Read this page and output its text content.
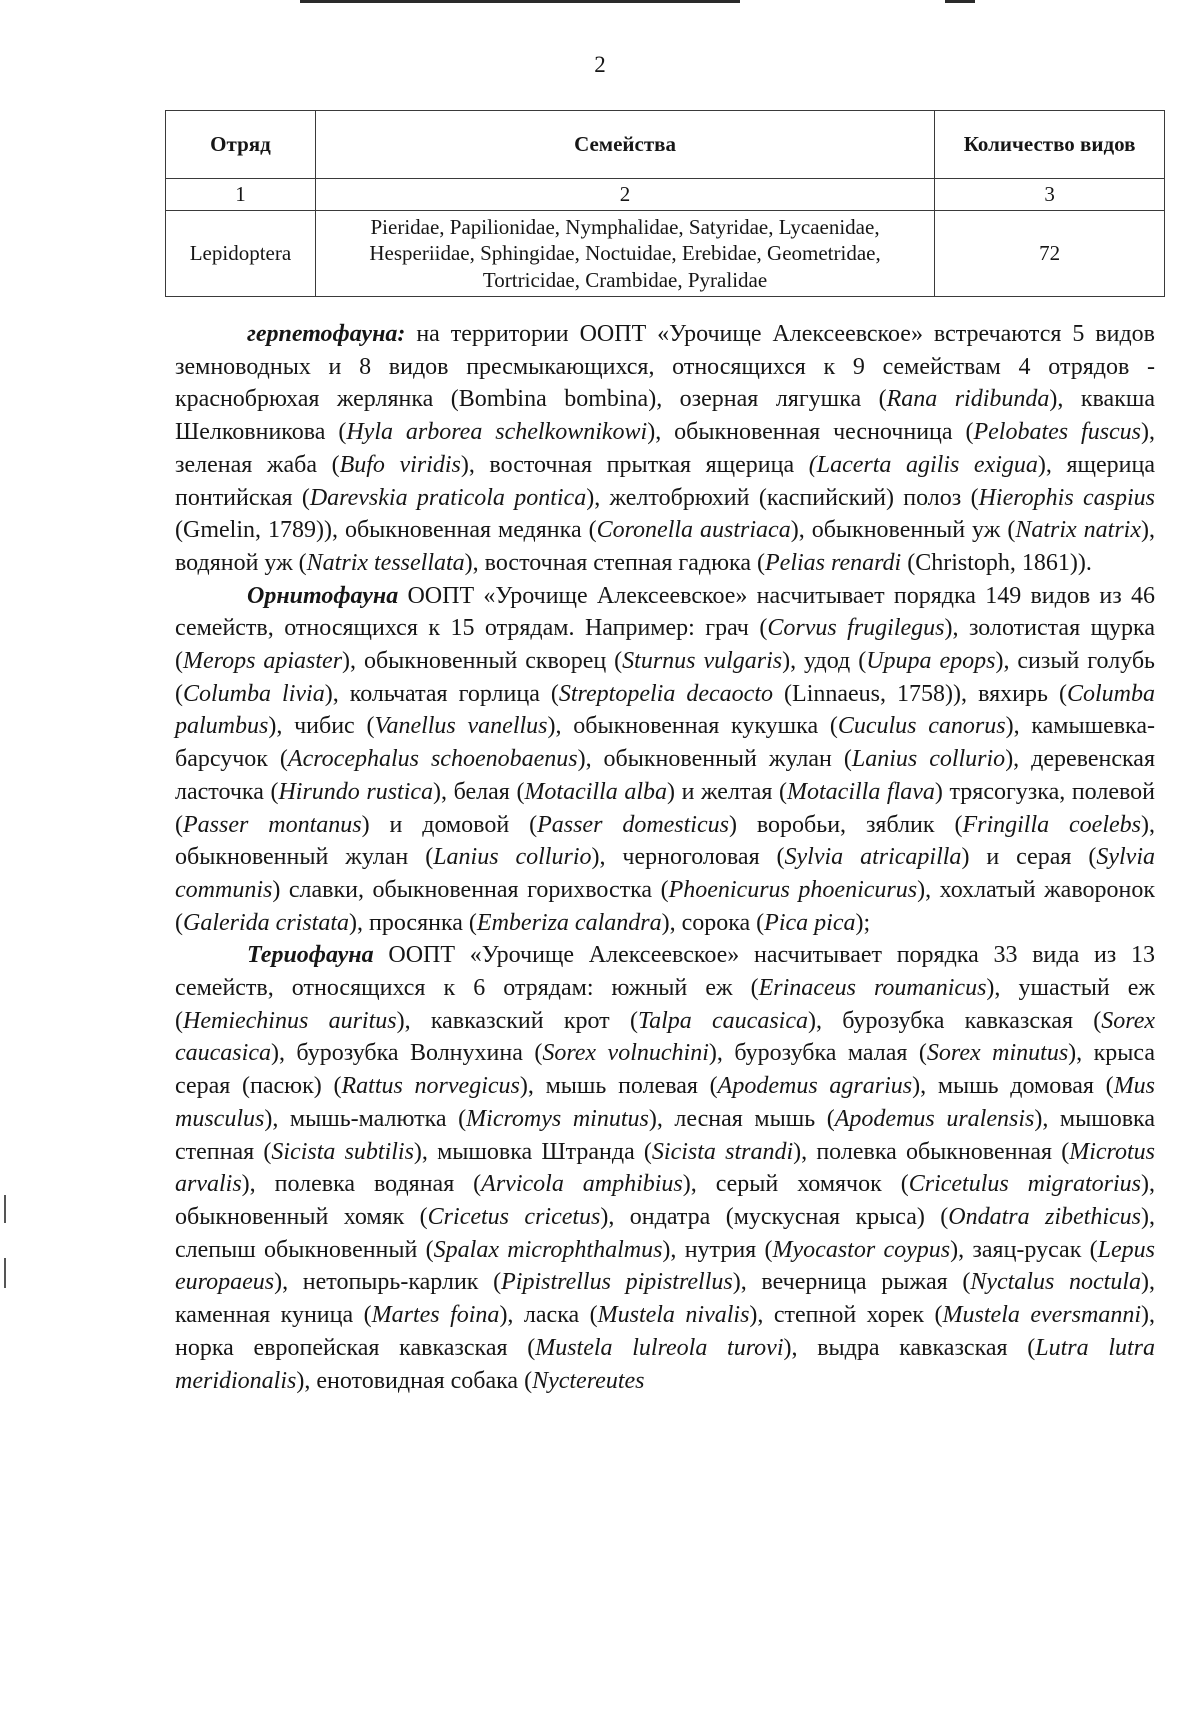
2
Отряд	Семейства	Количество видов
1	2	3
Lepidoptera	Pieridae, Papilionidae, Nymphalidae, Satyridae, Lycaenidae, Hesperiidae, Sphingidae, Noctuidae, Erebidae, Geometridae, Tortricidae, Crambidae, Pyralidae	72

герпетофауна: на территории ООПТ «Урочище Алексеевское» встречаются 5 видов земноводных и 8 видов пресмыкающихся, относящихся к 9 семействам 4 отрядов - краснобрюхая жерлянка (Bombina bombina), озерная лягушка (Rana ridibunda), квакша Шелковникова (Hyla arborea schelkownikowi), обыкновенная чесночница (Pelobates fuscus), зеленая жаба (Bufo viridis), восточная прыткая ящерица (Lacerta agilis exigua), ящерица понтийская (Darevskia praticola pontica), желтобрюхий (каспийский) полоз (Hierophis caspius (Gmelin, 1789)), обыкновенная медянка (Coronella austriaca), обыкновенный уж (Natrix natrix), водяной уж (Natrix tessellata), восточная степная гадюка (Pelias renardi (Christoph, 1861)).

Орнитофауна ООПТ «Урочище Алексеевское» насчитывает порядка 149 видов из 46 семейств, относящихся к 15 отрядам. Например: грач (Corvus frugilegus), золотистая щурка (Merops apiaster), обыкновенный скворец (Sturnus vulgaris), удод (Upupa epops), сизый голубь (Columba livia), кольчатая горлица (Streptopelia decaocto (Linnaeus, 1758)), вяхирь (Columba palumbus), чибис (Vanellus vanellus), обыкновенная кукушка (Cuculus canorus), камышевка-барсучок (Acrocephalus schoenobaenus), обыкновенный жулан (Lanius collurio), деревенская ласточка (Hirundo rustica), белая (Motacilla alba) и желтая (Motacilla flava) трясогузка, полевой (Passer montanus) и домовой (Passer domesticus) воробьи, зяблик (Fringilla coelebs), обыкновенный жулан (Lanius collurio), черноголовая (Sylvia atricapilla) и серая (Sylvia communis) славки, обыкновенная горихвостка (Phoenicurus phoenicurus), хохлатый жаворонок (Galerida cristata), просянка (Emberiza calandra), сорока (Pica pica);

Териофауна ООПТ «Урочище Алексеевское» насчитывает порядка 33 вида из 13 семейств, относящихся к 6 отрядам: южный еж (Erinaceus roumanicus), ушастый еж (Hemiechinus auritus), кавказский крот (Talpa caucasica), бурозубка кавказская (Sorex caucasica), бурозубка Волнухина (Sorex volnuchini), бурозубка малая (Sorex minutus), крыса серая (пасюк) (Rattus norvegicus), мышь полевая (Apodemus agrarius), мышь домовая (Mus musculus), мышь-малютка (Micromys minutus), лесная мышь (Apodemus uralensis), мышовка степная (Sicista subtilis), мышовка Штранда (Sicista strandi), полевка обыкновенная (Microtus arvalis), полевка водяная (Arvicola amphibius), серый хомячок (Cricetulus migratorius), обыкновенный хомяк (Cricetus cricetus), ондатра (мускусная крыса) (Ondatra zibethicus), слепыш обыкновенный (Spalax microphthalmus), нутрия (Myocastor coypus), заяц-русак (Lepus europaeus), нетопырь-карлик (Pipistrellus pipistrellus), вечерница рыжая (Nyctalus noctula), каменная куница (Martes foina), ласка (Mustela nivalis), степной хорек (Mustela eversmanni), норка европейская кавказская (Mustela lulreola turovi), выдра кавказская (Lutra lutra meridionalis), енотовидная собака (Nyctereutes
